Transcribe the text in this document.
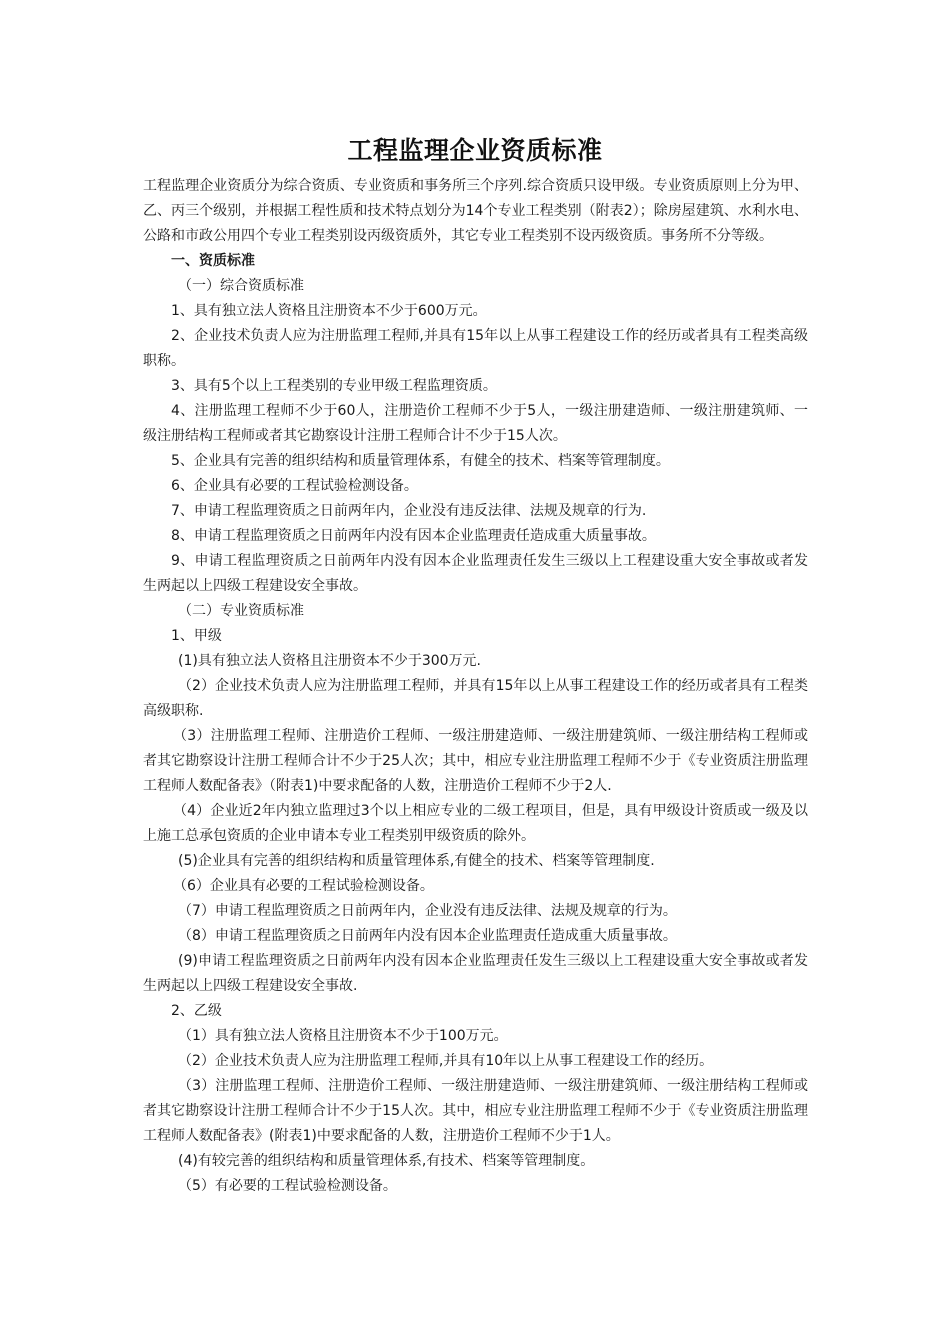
工程监理企业资质标准

工程监理企业资质分为综合资质、专业资质和事务所三个序列.综合资质只设甲级。专业资质原则上分为甲、乙、丙三个级别，并根据工程性质和技术特点划分为14个专业工程类别（附表2）；除房屋建筑、水利水电、公路和市政公用四个专业工程类别设丙级资质外，其它专业工程类别不设丙级资质。事务所不分等级。

一、资质标准

（一）综合资质标准

1、具有独立法人资格且注册资本不少于600万元。

2、企业技术负责人应为注册监理工程师,并具有15年以上从事工程建设工作的经历或者具有工程类高级职称。

3、具有5个以上工程类别的专业甲级工程监理资质。

4、注册监理工程师不少于60人，注册造价工程师不少于5人，一级注册建造师、一级注册建筑师、一级注册结构工程师或者其它勘察设计注册工程师合计不少于15人次。

5、企业具有完善的组织结构和质量管理体系，有健全的技术、档案等管理制度。

6、企业具有必要的工程试验检测设备。

7、申请工程监理资质之日前两年内，企业没有违反法律、法规及规章的行为.

8、申请工程监理资质之日前两年内没有因本企业监理责任造成重大质量事故。

9、申请工程监理资质之日前两年内没有因本企业监理责任发生三级以上工程建设重大安全事故或者发生两起以上四级工程建设安全事故。

（二）专业资质标准

1、甲级

(1)具有独立法人资格且注册资本不少于300万元.

（2）企业技术负责人应为注册监理工程师，并具有15年以上从事工程建设工作的经历或者具有工程类高级职称.

（3）注册监理工程师、注册造价工程师、一级注册建造师、一级注册建筑师、一级注册结构工程师或者其它勘察设计注册工程师合计不少于25人次；其中，相应专业注册监理工程师不少于《专业资质注册监理工程师人数配备表》（附表1)中要求配备的人数，注册造价工程师不少于2人.

（4）企业近2年内独立监理过3个以上相应专业的二级工程项目，但是，具有甲级设计资质或一级及以上施工总承包资质的企业申请本专业工程类别甲级资质的除外。

(5)企业具有完善的组织结构和质量管理体系,有健全的技术、档案等管理制度.

（6）企业具有必要的工程试验检测设备。

（7）申请工程监理资质之日前两年内，企业没有违反法律、法规及规章的行为。

（8）申请工程监理资质之日前两年内没有因本企业监理责任造成重大质量事故。

(9)申请工程监理资质之日前两年内没有因本企业监理责任发生三级以上工程建设重大安全事故或者发生两起以上四级工程建设安全事故.

2、乙级

（1）具有独立法人资格且注册资本不少于100万元。

（2）企业技术负责人应为注册监理工程师,并具有10年以上从事工程建设工作的经历。

（3）注册监理工程师、注册造价工程师、一级注册建造师、一级注册建筑师、一级注册结构工程师或者其它勘察设计注册工程师合计不少于15人次。其中，相应专业注册监理工程师不少于《专业资质注册监理工程师人数配备表》(附表1)中要求配备的人数，注册造价工程师不少于1人。

(4)有较完善的组织结构和质量管理体系,有技术、档案等管理制度。

（5）有必要的工程试验检测设备。
